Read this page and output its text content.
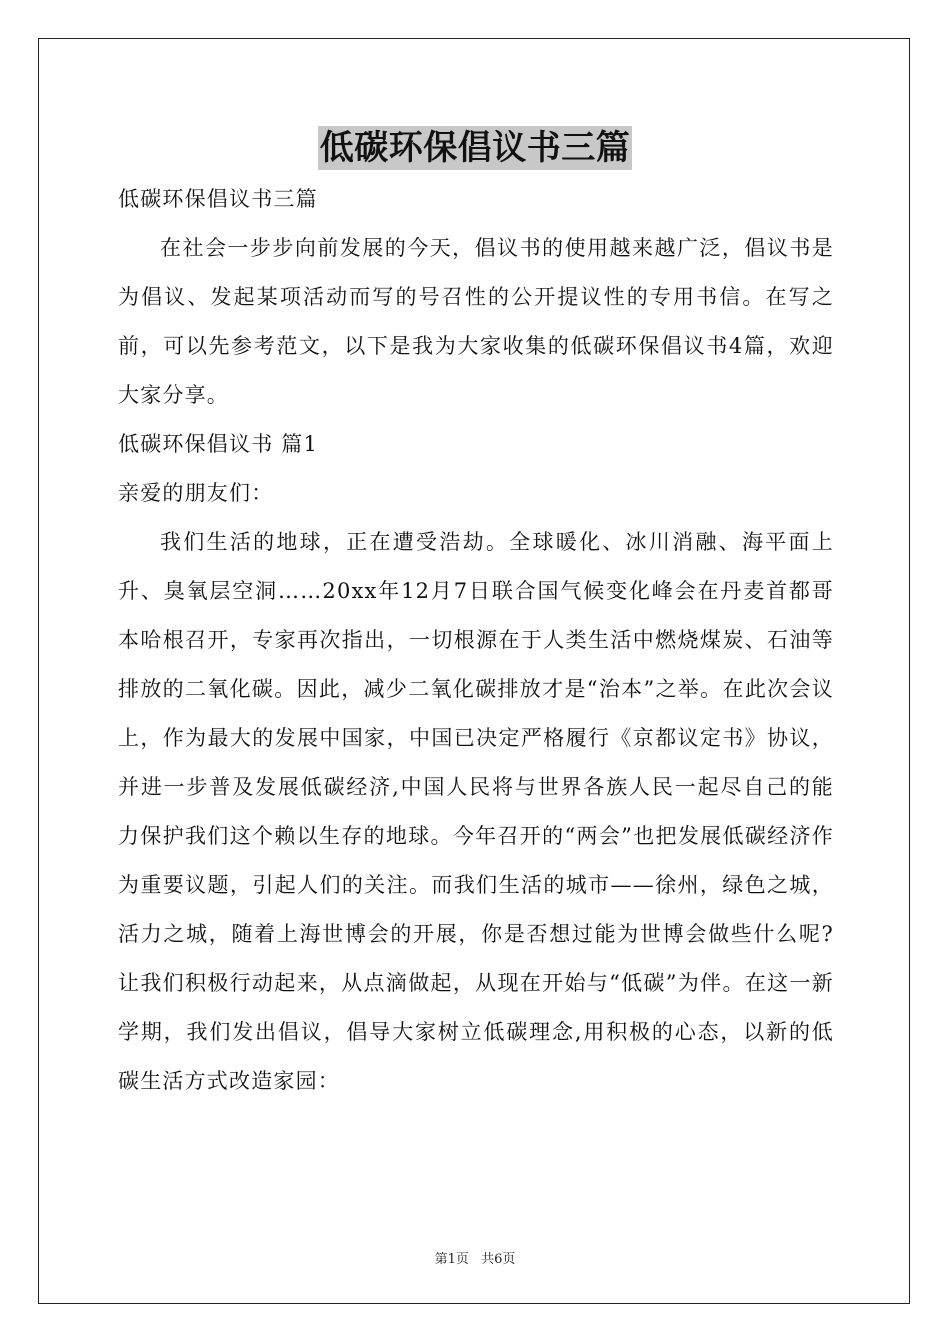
低碳环保倡议书三篇

低碳环保倡议书三篇

在社会一步步向前发展的今天，倡议书的使用越来越广泛，倡议书是为倡议、发起某项活动而写的号召性的公开提议性的专用书信。在写之前，可以先参考范文，以下是我为大家收集的低碳环保倡议书4篇，欢迎大家分享。

低碳环保倡议书 篇1

亲爱的朋友们：

我们生活的地球，正在遭受浩劫。全球暖化、冰川消融、海平面上升、臭氧层空洞……20xx年12月7日联合国气候变化峰会在丹麦首都哥本哈根召开，专家再次指出，一切根源在于人类生活中燃烧煤炭、石油等排放的二氧化碳。因此，减少二氧化碳排放才是“治本”之举。在此次会议上，作为最大的发展中国家，中国已决定严格履行《京都议定书》协议，并进一步普及发展低碳经济,中国人民将与世界各族人民一起尽自己的能力保护我们这个赖以生存的地球。今年召开的“两会”也把发展低碳经济作为重要议题，引起人们的关注。而我们生活的城市——徐州，绿色之城，活力之城，随着上海世博会的开展，你是否想过能为世博会做些什么呢?让我们积极行动起来，从点滴做起，从现在开始与“低碳”为伴。在这一新学期，我们发出倡议，倡导大家树立低碳理念,用积极的心态，以新的低碳生活方式改造家园：

第1页 共6页
